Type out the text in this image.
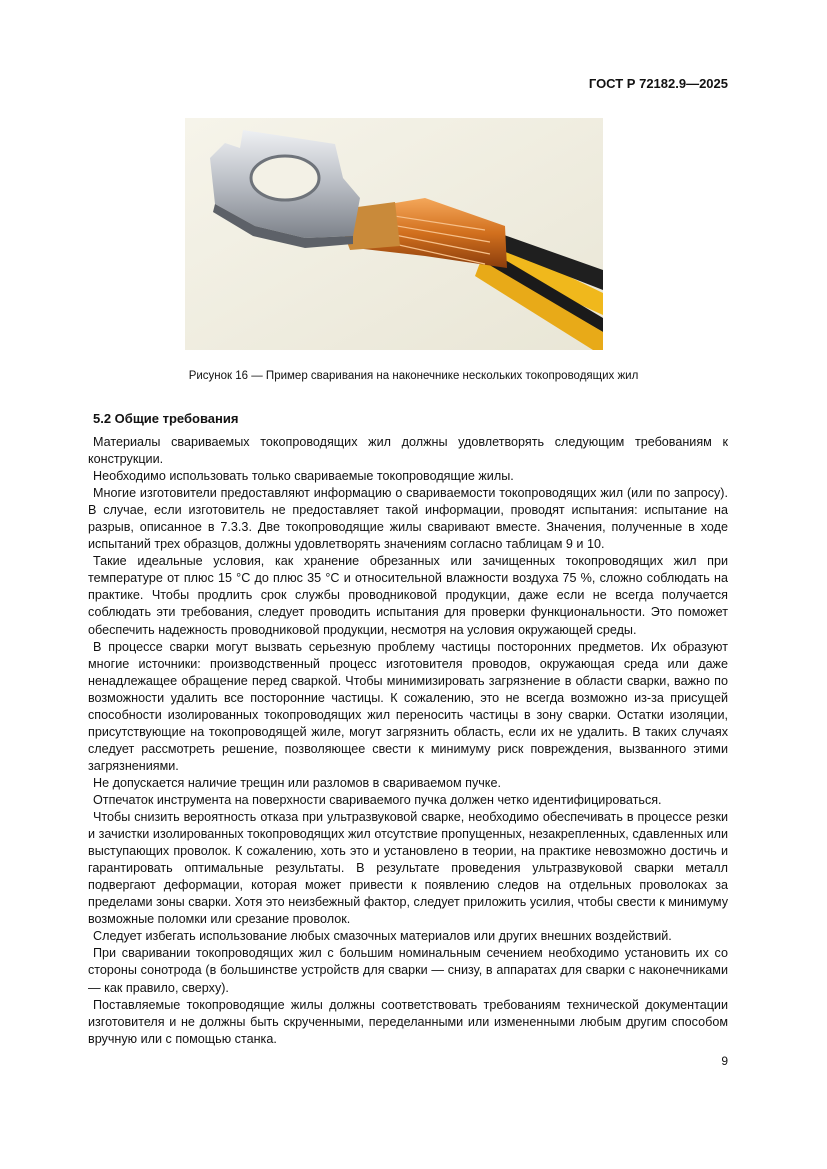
ГОСТ Р 72182.9—2025
Рисунок 16 — Пример сваривания на наконечнике нескольких токопроводящих жил
5.2 Общие требования

Материалы свариваемых токопроводящих жил должны удовлетворять следующим требованиям к конструкции.

Необходимо использовать только свариваемые токопроводящие жилы.

Многие изготовители предоставляют информацию о свариваемости токопроводящих жил (или по запросу). В случае, если изготовитель не предоставляет такой информации, проводят испытания: испытание на разрыв, описанное в 7.3.3. Две токопроводящие жилы сваривают вместе. Значения, полученные в ходе испытаний трех образцов, должны удовлетворять значениям согласно таблицам 9 и 10.

Такие идеальные условия, как хранение обрезанных или зачищенных токопроводящих жил при температуре от плюс 15 °С до плюс 35 °С и относительной влажности воздуха 75 %, сложно соблюдать на практике. Чтобы продлить срок службы проводниковой продукции, даже если не всегда получается соблюдать эти требования, следует проводить испытания для проверки функциональности. Это поможет обеспечить надежность проводниковой продукции, несмотря на условия окружающей среды.

В процессе сварки могут вызвать серьезную проблему частицы посторонних предметов. Их образуют многие источники: производственный процесс изготовителя проводов, окружающая среда или даже ненадлежащее обращение перед сваркой. Чтобы минимизировать загрязнение в области сварки, важно по возможности удалить все посторонние частицы. К сожалению, это не всегда возможно из-за присущей способности изолированных токопроводящих жил переносить частицы в зону сварки. Остатки изоляции, присутствующие на токопроводящей жиле, могут загрязнить область, если их не удалить. В таких случаях следует рассмотреть решение, позволяющее свести к минимуму риск повреждения, вызванного этими загрязнениями.

Не допускается наличие трещин или разломов в свариваемом пучке.

Отпечаток инструмента на поверхности свариваемого пучка должен четко идентифицироваться.

Чтобы снизить вероятность отказа при ультразвуковой сварке, необходимо обеспечивать в процессе резки и зачистки изолированных токопроводящих жил отсутствие пропущенных, незакрепленных, сдавленных или выступающих проволок. К сожалению, хоть это и установлено в теории, на практике невозможно достичь и гарантировать оптимальные результаты. В результате проведения ультразвуковой сварки металл подвергают деформации, которая может привести к появлению следов на отдельных проволоках за пределами зоны сварки. Хотя это неизбежный фактор, следует приложить усилия, чтобы свести к минимуму возможные поломки или срезание проволок.

Следует избегать использование любых смазочных материалов или других внешних воздействий.

При сваривании токопроводящих жил с большим номинальным сечением необходимо установить их со стороны сонотрода (в большинстве устройств для сварки — снизу, в аппаратах для сварки с наконечниками — как правило, сверху).

Поставляемые токопроводящие жилы должны соответствовать требованиям технической документации изготовителя и не должны быть скрученными, переделанными или измененными любым другим способом вручную или с помощью станка.

9
